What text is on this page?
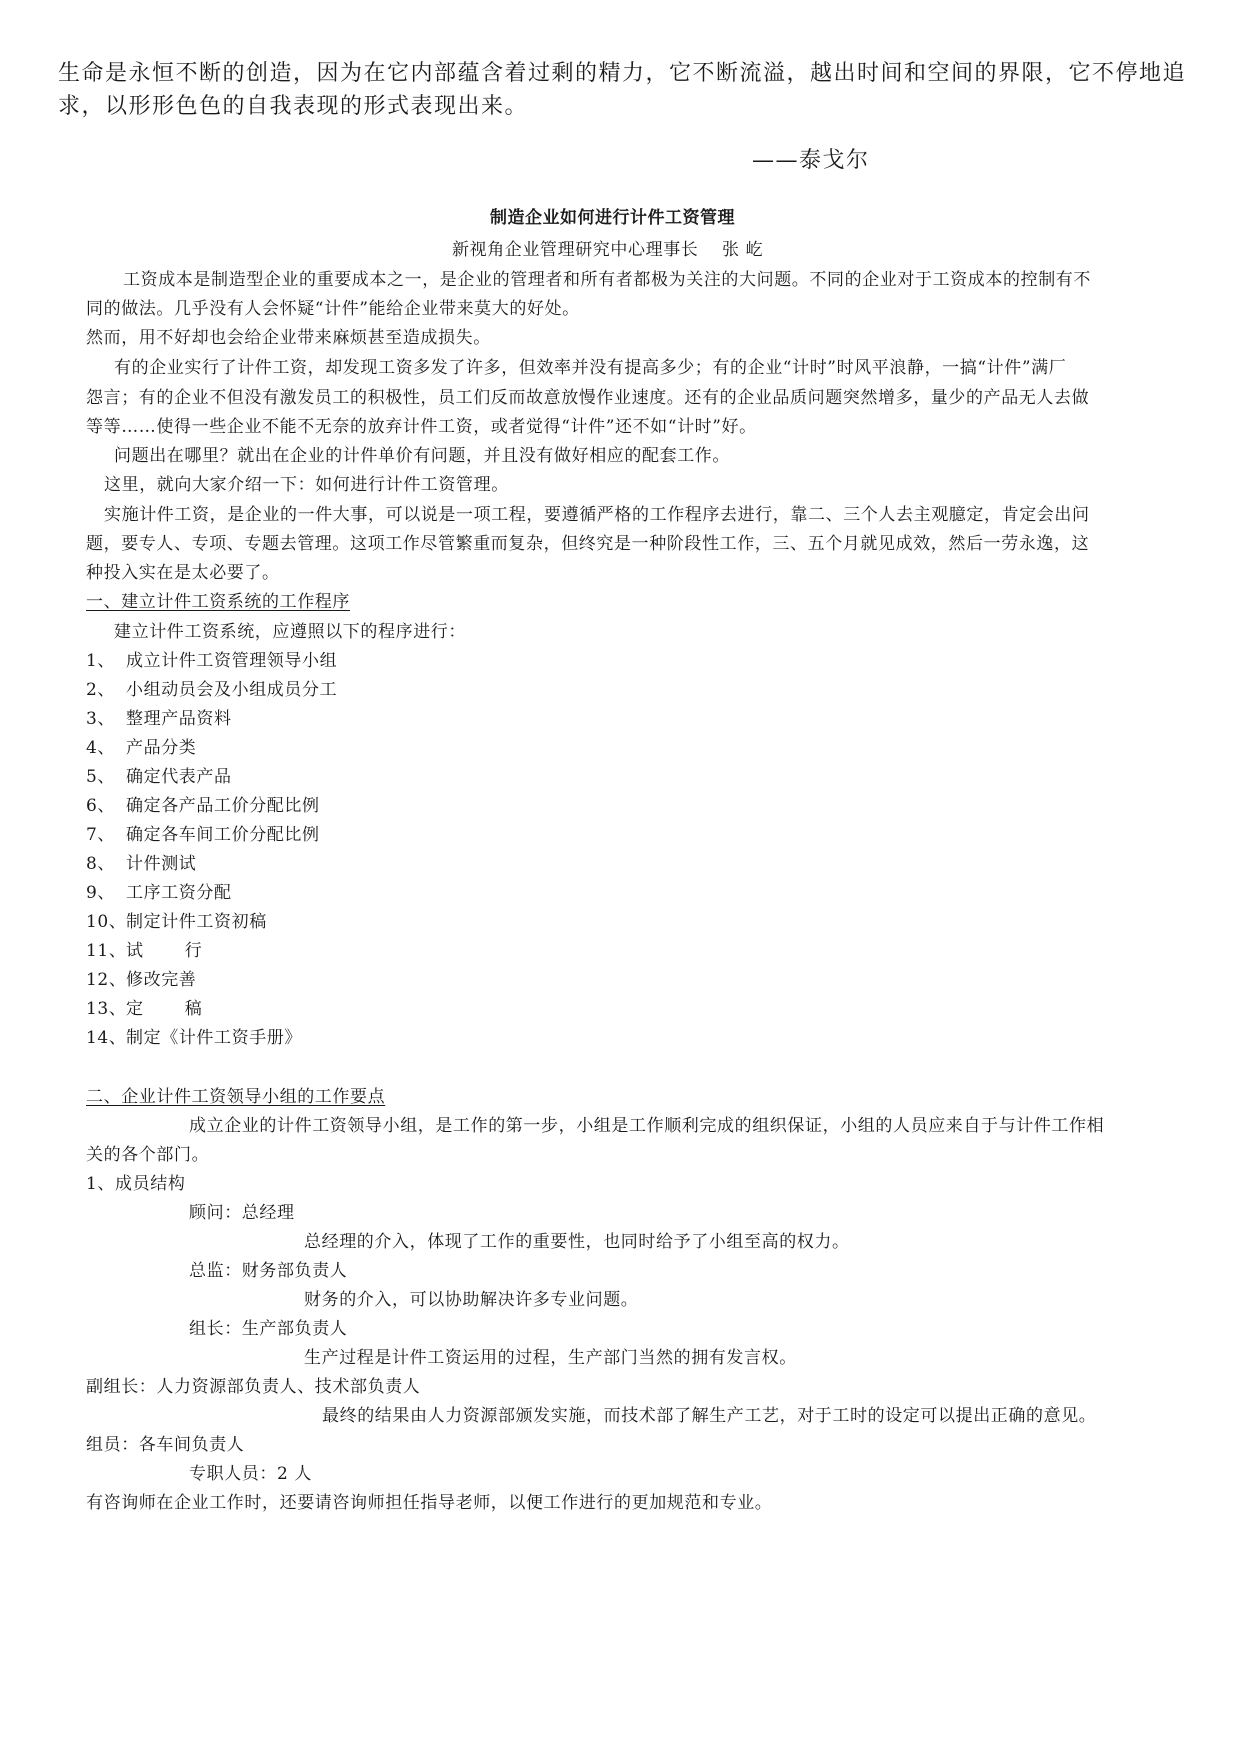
生命是永恒不断的创造，因为在它内部蕴含着过剩的精力，它不断流溢，越出时间和空间的界限，它不停地追
求，以形形色色的自我表现的形式表现出来。
——泰戈尔
制造企业如何进行计件工资管理
新视角企业管理研究中心理事长　 张 屹
工资成本是制造型企业的重要成本之一，是企业的管理者和所有者都极为关注的大问题。不同的企业对于工资成本的控制有不
同的做法。几乎没有人会怀疑“计件”能给企业带来莫大的好处。
然而，用不好却也会给企业带来麻烦甚至造成损失。
有的企业实行了计件工资，却发现工资多发了许多，但效率并没有提高多少；有的企业“计时”时风平浪静，一搞“计件”满厂
怨言；有的企业不但没有激发员工的积极性，员工们反而故意放慢作业速度。还有的企业品质问题突然增多，量少的产品无人去做
等等……使得一些企业不能不无奈的放弃计件工资，或者觉得“计件”还不如“计时”好。
问题出在哪里？就出在企业的计件单价有问题，并且没有做好相应的配套工作。
这里，就向大家介绍一下：如何进行计件工资管理。
实施计件工资，是企业的一件大事，可以说是一项工程，要遵循严格的工作程序去进行，靠二、三个人去主观臆定，肯定会出问
题，要专人、专项、专题去管理。这项工作尽管繁重而复杂，但终究是一种阶段性工作，三、五个月就见成效，然后一劳永逸，这
种投入实在是太必要了。
一、建立计件工资系统的工作程序
建立计件工资系统，应遵照以下的程序进行：
1、 成立计件工资管理领导小组
2、 小组动员会及小组成员分工
3、 整理产品资料
4、 产品分类
5、 确定代表产品
6、 确定各产品工价分配比例
7、 确定各车间工价分配比例
8、 计件测试
9、 工序工资分配
10、制定计件工资初稿
11、试　　 行
12、修改完善
13、定　　 稿
14、制定《计件工资手册》
二、企业计件工资领导小组的工作要点
成立企业的计件工资领导小组，是工作的第一步，小组是工作顺利完成的组织保证，小组的人员应来自于与计件工作相
关的各个部门。
1、成员结构
顾问：总经理
总经理的介入，体现了工作的重要性，也同时给予了小组至高的权力。
总监：财务部负责人
财务的介入，可以协助解决许多专业问题。
组长：生产部负责人
生产过程是计件工资运用的过程，生产部门当然的拥有发言权。
副组长：人力资源部负责人、技术部负责人
最终的结果由人力资源部颁发实施，而技术部了解生产工艺，对于工时的设定可以提出正确的意见。
组员：各车间负责人
专职人员：2 人
有咨询师在企业工作时，还要请咨询师担任指导老师，以便工作进行的更加规范和专业。
